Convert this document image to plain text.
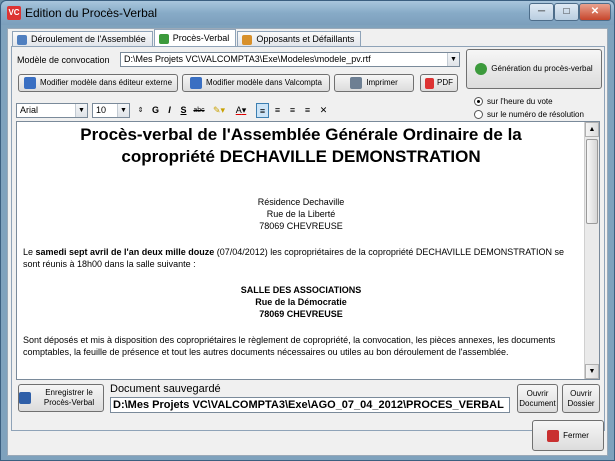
VC Edition du Procès-Verbal	─	□	✕
Déroulement de l'Assemblée	Procès-Verbal	Opposants et Défaillants
Modèle de convocation	D:\Mes Projets VC\VALCOMPTA3\Exe\Modeles\modele_pv.rtf	▼
Modifier modèle dans éditeur externe	Modifier modèle dans Valcompta	Imprimer	PDF
Génération du procès-verbal
Arial	▼	10	▼	⇕ G	I	S abc ✎▾	A▾	≡	≡	≡	≡	✕
sur l'heure du vote
sur le numéro de résolution
Procès-verbal de l'Assemblée Générale Ordinaire de la
copropriété DECHAVILLE DEMONSTRATION
Résidence Dechaville
Rue de la Liberté
78069 CHEVREUSE
Le samedi sept avril de l'an deux mille douze (07/04/2012) les copropriétaires de la copropriété DECHAVILLE DEMONSTRATION se sont réunis à 18h00 dans la salle suivante :
SALLE DES ASSOCIATIONS
Rue de la Démocratie
78069 CHEVREUSE
Sont déposés et mis à disposition des copropriétaires le règlement de copropriété, la convocation, les pièces annexes, les documents comptables, la feuille de présence et tout les autres documents nécessaires ou utiles au bon déroulement de l'assemblée.
▲
▼
Enregistrer le Procès-Verbal
Document sauvegardé
D:\Mes Projets VC\VALCOMPTA3\Exe\AGO_07_04_2012\PROCES_VERBAL
Ouvrir Document
Ouvrir Dossier
Fermer
